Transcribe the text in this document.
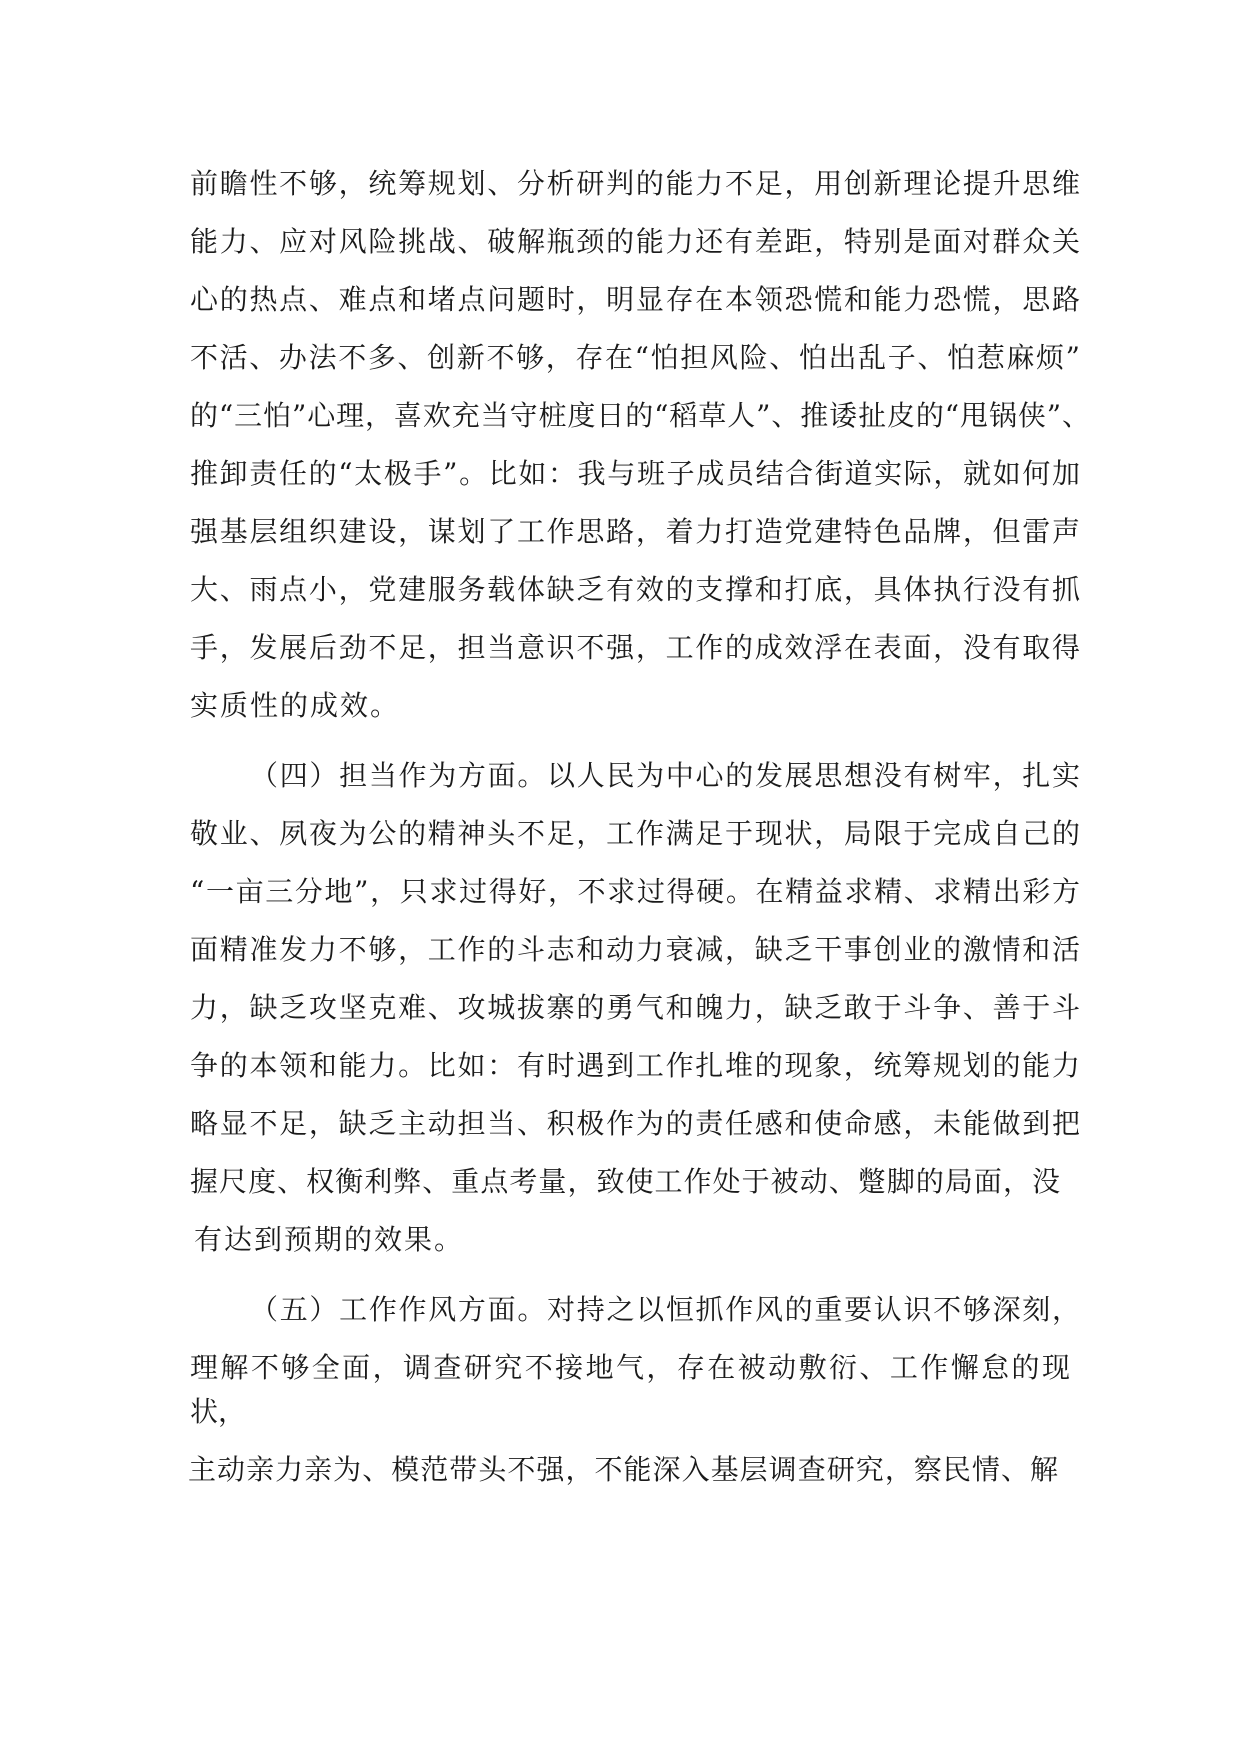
前瞻性不够，统筹规划、分析研判的能力不足，用创新理论提升思维
能力、应对风险挑战、破解瓶颈的能力还有差距，特别是面对群众关
心的热点、难点和堵点问题时，明显存在本领恐慌和能力恐慌，思路
不活、办法不多、创新不够，存在“怕担风险、怕出乱子、怕惹麻烦”
的“三怕”心理，喜欢充当守桩度日的“稻草人”、推诿扯皮的“甩锅侠”、
推卸责任的“太极手”。比如：我与班子成员结合街道实际，就如何加
强基层组织建设，谋划了工作思路，着力打造党建特色品牌，但雷声
大、雨点小，党建服务载体缺乏有效的支撑和打底，具体执行没有抓
手，发展后劲不足，担当意识不强，工作的成效浮在表面，没有取得
实质性的成效。
（四）担当作为方面。以人民为中心的发展思想没有树牢，扎实
敬业、夙夜为公的精神头不足，工作满足于现状，局限于完成自己的
“一亩三分地”，只求过得好，不求过得硬。在精益求精、求精出彩方
面精准发力不够，工作的斗志和动力衰减，缺乏干事创业的激情和活
力，缺乏攻坚克难、攻城拔寨的勇气和魄力，缺乏敢于斗争、善于斗
争的本领和能力。比如：有时遇到工作扎堆的现象，统筹规划的能力
略显不足，缺乏主动担当、积极作为的责任感和使命感，未能做到把
握尺度、权衡利弊、重点考量，致使工作处于被动、蹩脚的局面，没
有达到预期的效果。
（五）工作作风方面。对持之以恒抓作风的重要认识不够深刻，
理解不够全面，调查研究不接地气，存在被动敷衍、工作懈怠的现
状，
主动亲力亲为、模范带头不强，不能深入基层调查研究，察民情、解
